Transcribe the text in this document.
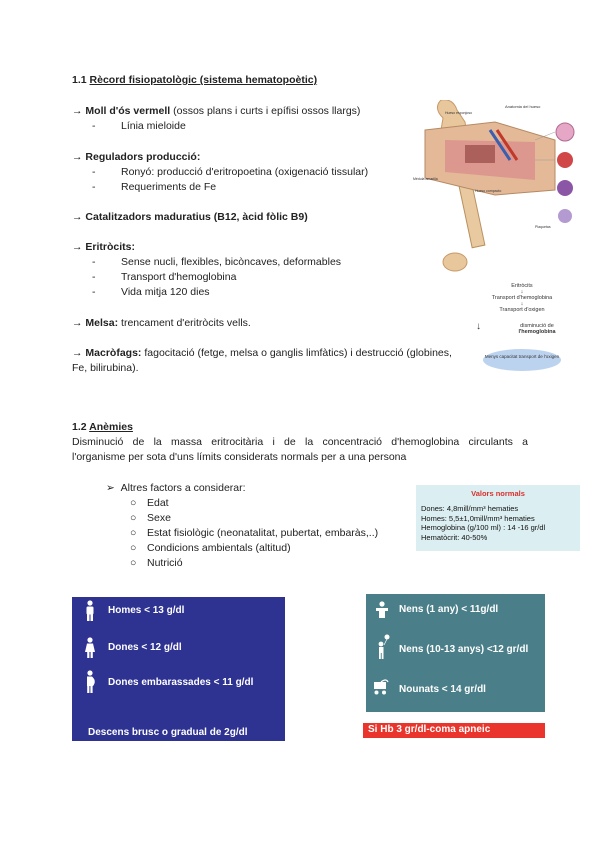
1.1 Rècord fisiopatològic (sistema hematopoètic)
→ Moll d'ós vermell (ossos plans i curts i epífisi ossos llargs)
- Línia mieloide
→ Reguladors producció:
- Ronyó: producció d'eritropoetina (oxigenació tissular)
- Requeriments de Fe
→ Catalitzadors maduratius (B12, àcid fòlic B9)
→ Eritròcits:
- Sense nucli, flexibles, bicòncaves, deformables
- Transport d'hemoglobina
- Vida mitja 120 dies
→ Melsa: trencament d'eritròcits vells.
→ Macròfags: fagocitació (fetge, melsa o ganglis limfàtics) i destrucció (globines,
Fe, bilirubina).
Anatomia del hueso
Médula amarilla
Hueso compacto
Hueso esponjoso
Plaquetas
Eritròcits
↓
Transport d'hemoglobina
↓
Transport d'oxigen
↓	disminució de
l'hemoglobina
Menys capacitat transport de l'oxigen
1.2 Anèmies
Disminució de la massa eritrocitària i de la concentració d'hemoglobina circulants a
l'organisme per sota d'uns límits considerats normals per a una persona
➢ Altres factors a considerar:
○ Edat
○ Sexe
○ Estat fisiològic (neonatalitat, pubertat, embaràs,..)
○ Condicions ambientals (altitud)
○ Nutrició
Valors normals
Dones: 4,8mill/mm³ hematies
Homes: 5,5±1,0mill/mm³ hematies
Hemoglobina (g/100 ml) : 14 -16 gr/dl
Hematòcrit: 40-50%
Homes < 13 g/dl
Dones < 12 g/dl
Dones embarassades < 11 g/dl
Descens brusc o gradual de 2g/dl
Nens (1 any) < 11g/dl
Nens (10-13 anys) <12 gr/dl
Nounats < 14 gr/dl
Si Hb 3 gr/dl-coma apneic
